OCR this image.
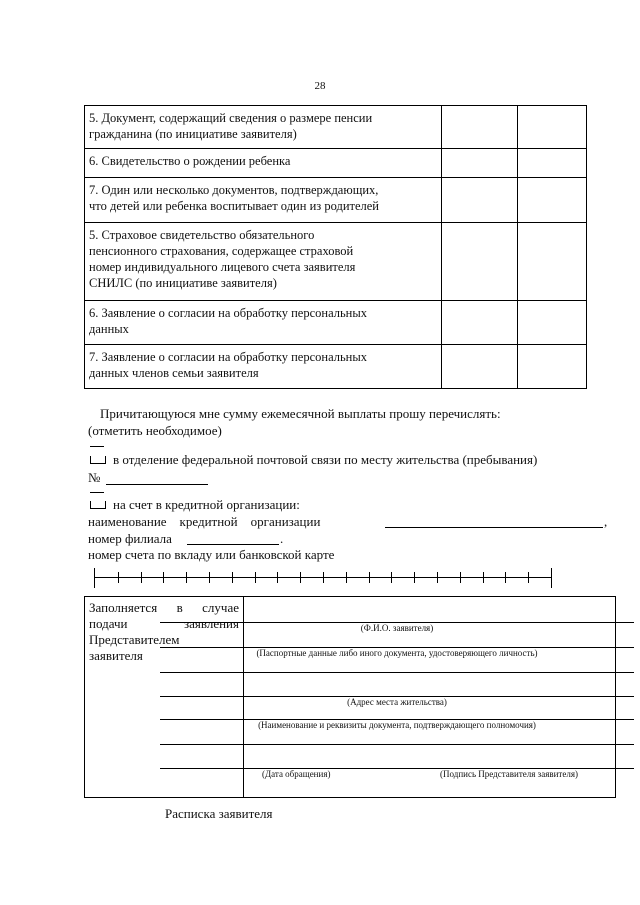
28
5. Документ, содержащий сведения о размере пенсии
гражданина (по инициативе заявителя)		

6. Свидетельство о рождении ребенка		

7. Один или несколько документов, подтверждающих,
что детей или ребенка воспитывает один из родителей		

5. Страховое свидетельство обязательного
пенсионного страхования, содержащее страховой
номер индивидуального лицевого счета заявителя
СНИЛС (по инициативе заявителя)		

6. Заявление о согласии на обработку персональных
данных		

7. Заявление о согласии на обработку персональных
данных членов семьи заявителя		

Причитающуюся мне сумму ежемесячной выплаты прошу перечислять:
(отметить необходимое)
в отделение федеральной почтовой связи по месту жительства (пребывания)
№
на счет в кредитной организации:
наименование    кредитной    организации	,
номер филиала	.
номер счета по вкладу или банковской карте
Заполняется   в   случае
подачи          заявления
Представителем
заявителя
(Ф.И.О. заявителя)
(Паспортные данные либо иного документа, удостоверяющего личность)
(Адрес места жительства)
(Наименование и реквизиты документа, подтверждающего полномочия)
(Дата обращения)	(Подпись Представителя заявителя)
Расписка заявителя
